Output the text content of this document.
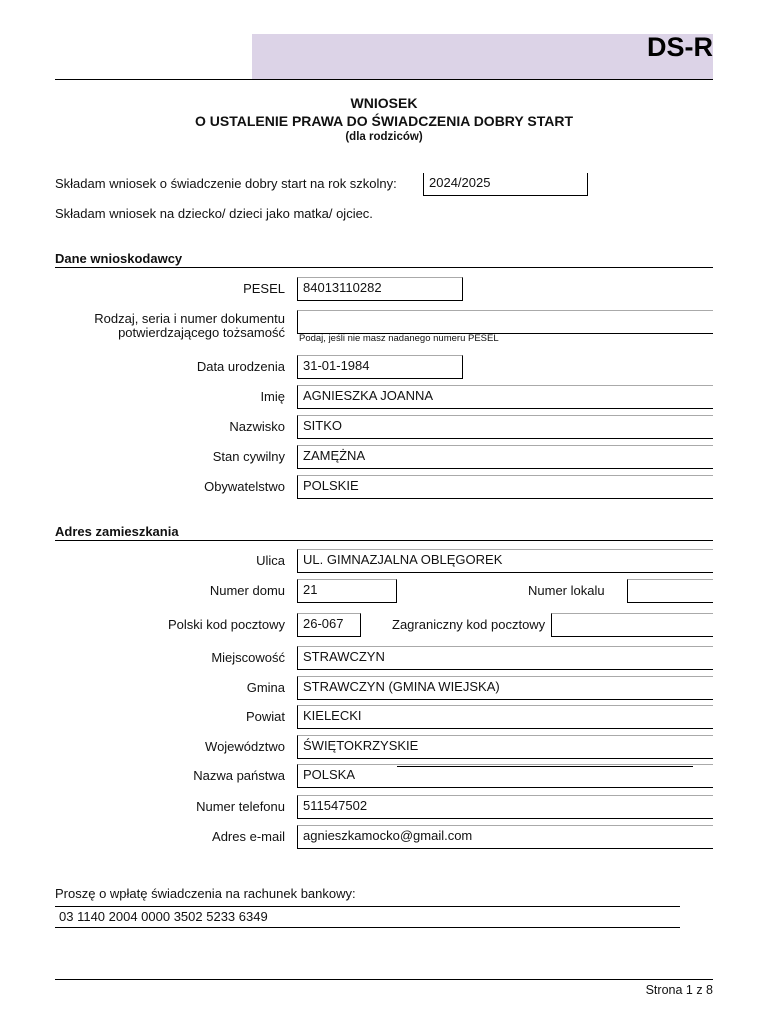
DS-R
WNIOSEK
O USTALENIE PRAWA DO ŚWIADCZENIA DOBRY START
(dla rodziców)
Składam wniosek o świadczenie dobry start na rok szkolny:	2024/2025
Składam wniosek na dziecko/ dzieci jako matka/ ojciec.
Dane wnioskodawcy
PESEL	84013110282
Rodzaj, seria i numer dokumentu
potwierdzającego tożsamość Podaj, jeśli nie masz nadanego numeru PESEL
Data urodzenia	31-01-1984
Imię	AGNIESZKA JOANNA
Nazwisko	SITKO
Stan cywilny	ZAMĘŻNA
Obywatelstwo	POLSKIE
Adres zamieszkania
Ulica	UL. GIMNAZJALNA OBLĘGOREK
Numer domu	21	Numer lokalu
Polski kod pocztowy	26-067	Zagraniczny kod pocztowy
Miejscowość	STRAWCZYN
Gmina	STRAWCZYN (GMINA WIEJSKA)
Powiat	KIELECKI
Województwo	ŚWIĘTOKRZYSKIE
Nazwa państwa	POLSKA
Numer telefonu	511547502
Adres e-mail	agnieszkamocko@gmail.com
Proszę o wpłatę świadczenia na rachunek bankowy:
03 1140 2004 0000 3502 5233 6349
Strona 1 z 8
